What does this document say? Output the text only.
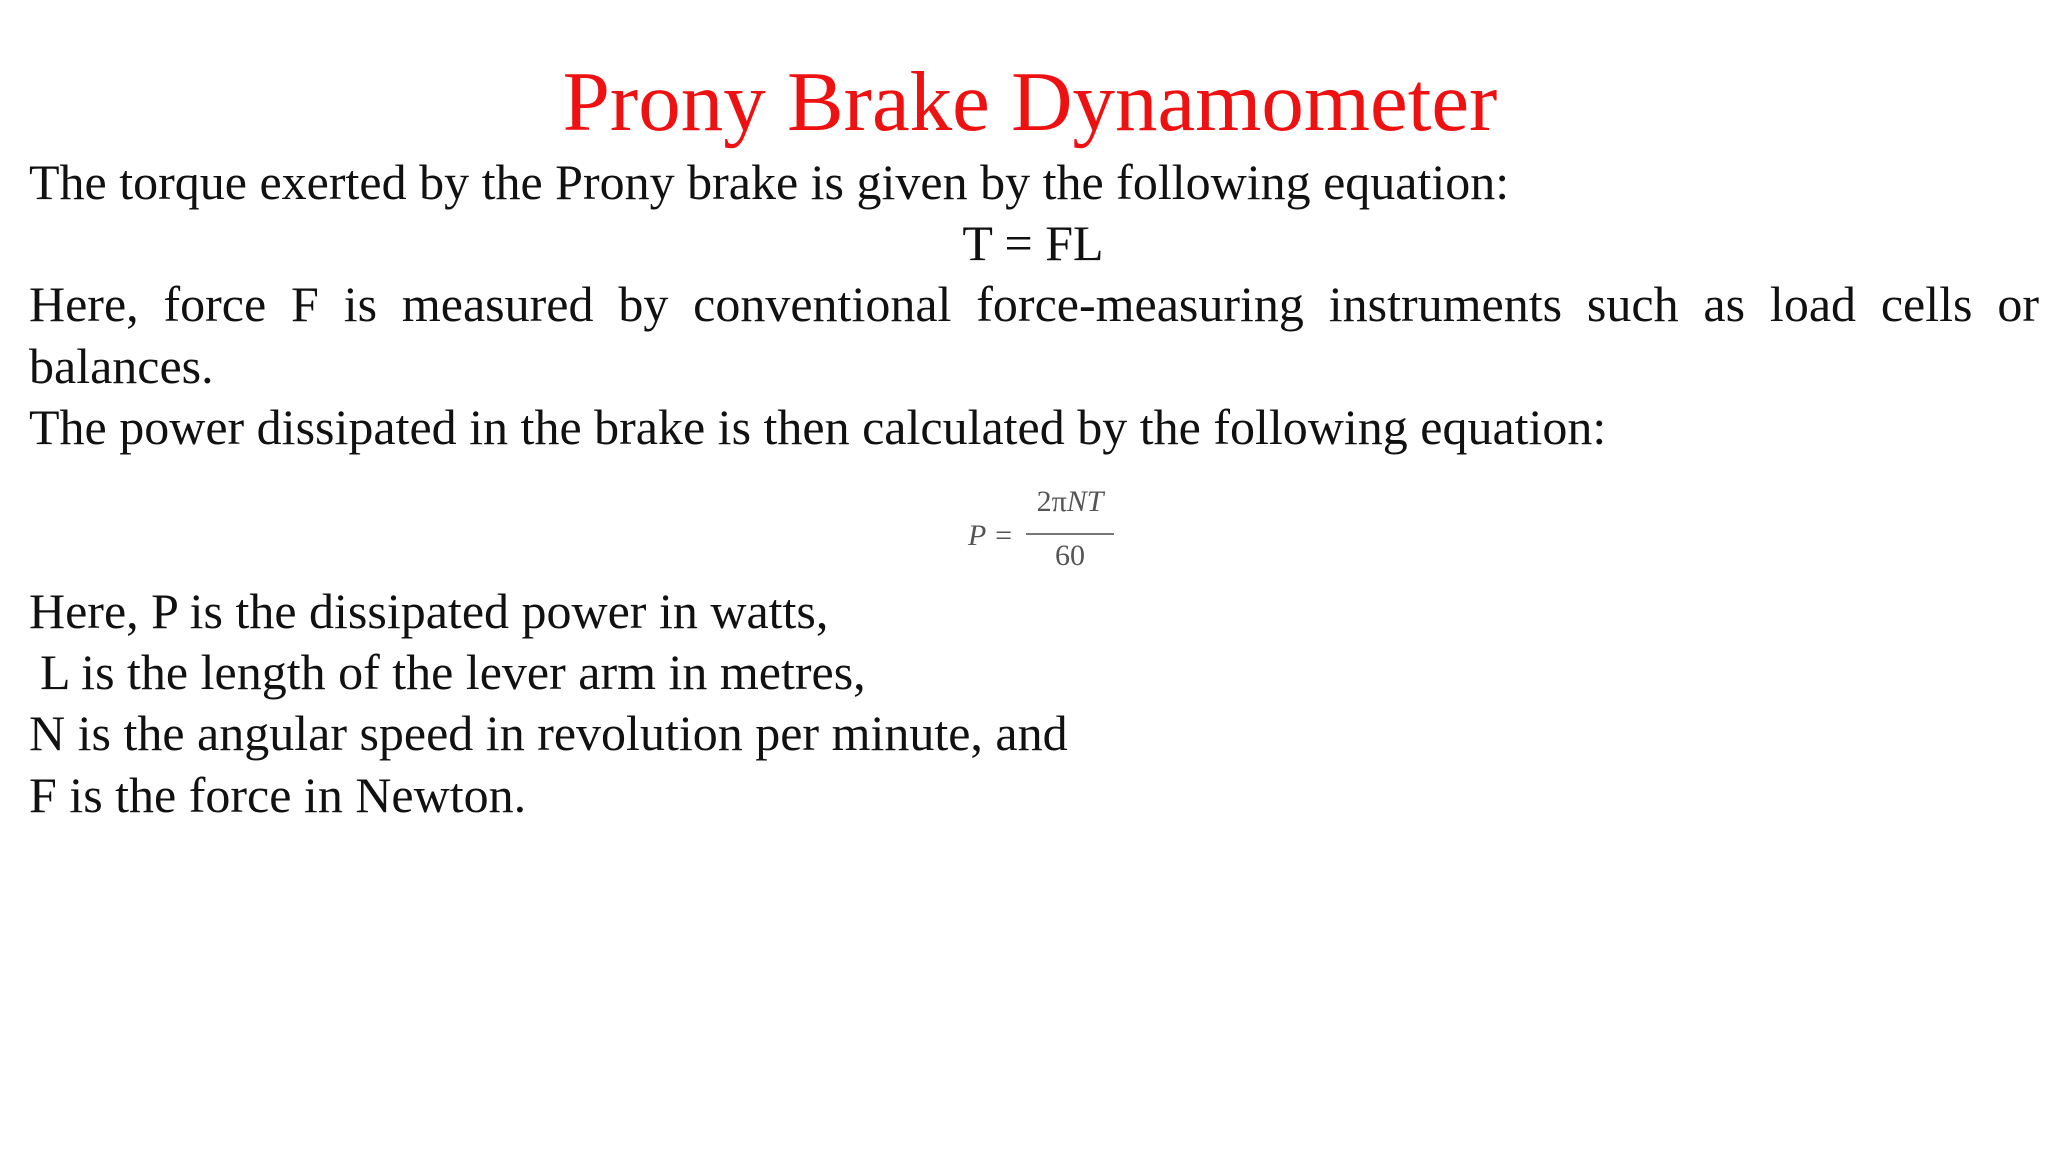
Prony Brake Dynamometer
The torque exerted by the Prony brake is given by the following equation:
T = FL
Here, force F is measured by conventional force-measuring instruments such as load cells or
balances.
The power dissipated in the brake is then calculated by the following equation:
P =
2πNT
60
Here, P is the dissipated power in watts,
L is the length of the lever arm in metres,
N is the angular speed in revolution per minute, and
F is the force in Newton.
